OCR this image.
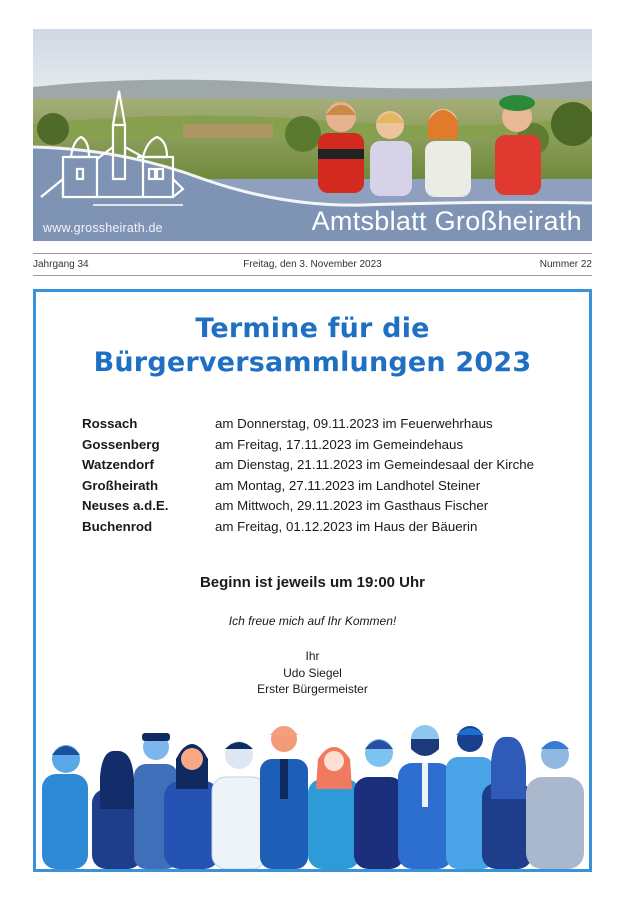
www.grossheirath.de	Amtsblatt Großheirath
Jahrgang 34	Freitag, den 3. November 2023	Nummer 22
Termine für die
Bürgerversammlungen 2023
Rossach	am Donnerstag, 09.11.2023 im Feuerwehrhaus
Gossenberg	am Freitag, 17.11.2023 im Gemeindehaus
Watzendorf	am Dienstag, 21.11.2023 im Gemeindesaal der Kirche
Großheirath	am Montag, 27.11.2023 im Landhotel Steiner
Neuses a.d.E.	am Mittwoch, 29.11.2023 im Gasthaus Fischer
Buchenrod	am Freitag, 01.12.2023 im Haus der Bäuerin
Beginn ist jeweils um 19:00 Uhr
Ich freue mich auf Ihr Kommen!
Ihr
Udo Siegel
Erster Bürgermeister
